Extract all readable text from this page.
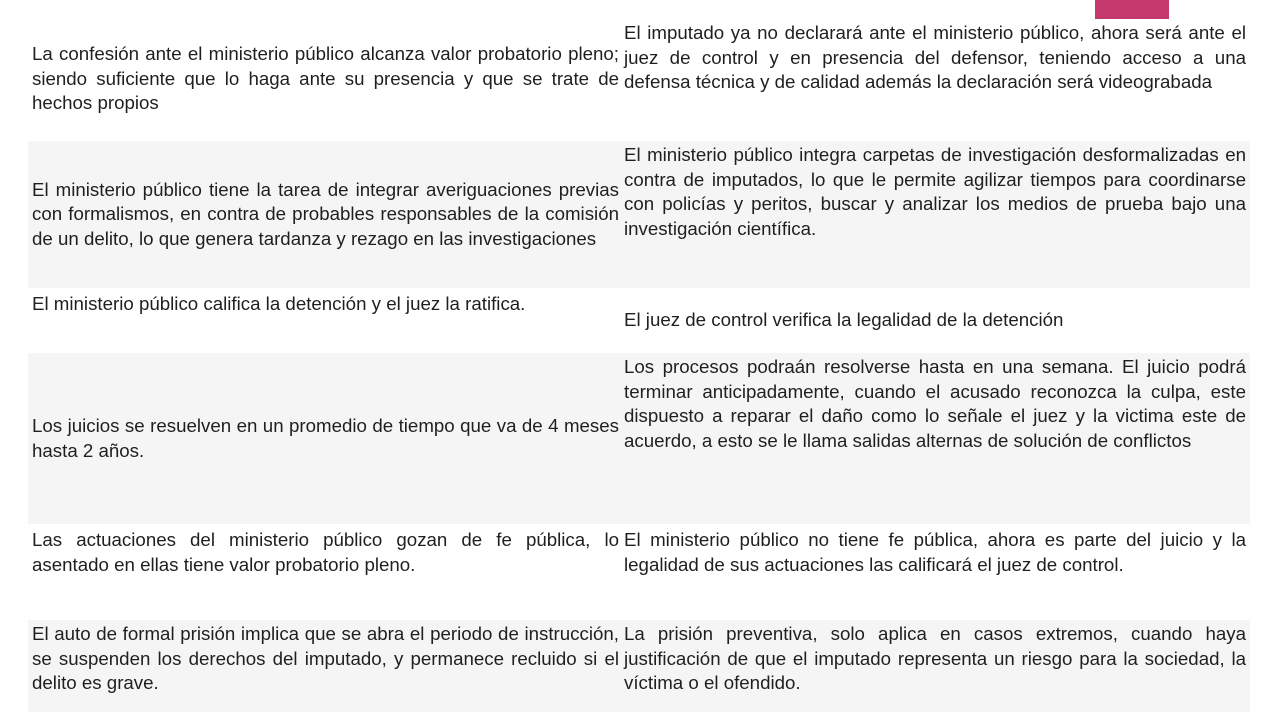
La confesión ante el ministerio público alcanza valor probatorio pleno; siendo suficiente que lo haga ante su presencia y que se trate de hechos propios
El imputado ya no declarará ante el ministerio público, ahora será ante el juez de control y en presencia del defensor, teniendo acceso a una defensa técnica y de calidad además la declaración será videograbada
El ministerio público tiene la tarea de integrar averiguaciones previas con formalismos, en contra de probables responsables de la comisión de un delito, lo que genera tardanza y rezago en las investigaciones
El ministerio público integra carpetas de investigación desformalizadas en contra de imputados, lo que le permite agilizar tiempos para coordinarse con policías y peritos, buscar y analizar los medios de prueba bajo una investigación científica.
El ministerio público califica la detención y el juez la ratifica.
El juez de control verifica la legalidad de la detención
Los juicios se resuelven en un promedio de tiempo que va de 4 meses hasta 2 años.
Los procesos podraán resolverse hasta en una semana. El juicio podrá terminar anticipadamente, cuando el acusado reconozca la culpa, este dispuesto a reparar el daño como lo señale el juez y la victima este de acuerdo, a esto se le llama salidas alternas de solución de conflictos
Las actuaciones del ministerio público gozan de fe pública, lo asentado en ellas tiene valor probatorio pleno.
El ministerio público no tiene fe pública, ahora es parte del juicio y la legalidad de sus actuaciones las calificará el juez de control.
El auto de formal prisión implica que se abra el periodo de instrucción, se suspenden los derechos del imputado, y permanece recluido si el delito es grave.
La prisión preventiva, solo aplica en casos extremos, cuando haya justificación de que el imputado representa un riesgo para la sociedad, la víctima o el ofendido.
